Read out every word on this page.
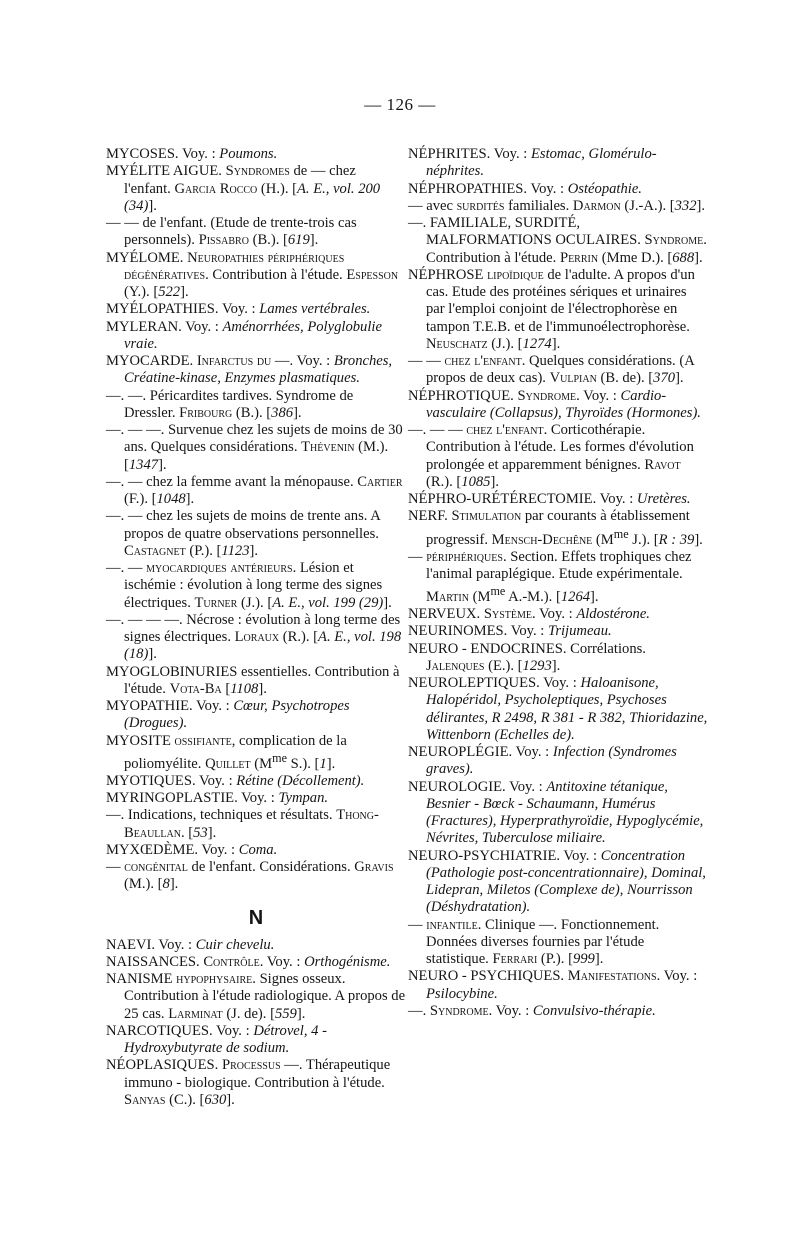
— 126 —
MYCOSES. Voy. : Poumons.
MYÉLITE AIGUE. Syndromes de — chez l'enfant. Garcia Rocco (H.). [A. E., vol. 200 (34)].
— — de l'enfant. (Etude de trente-trois cas personnels). Pissabro (B.). [619].
MYÉLOME. Neuropathies périphériques dégénératives. Contribution à l'étude. Espesson (Y.). [522].
MYÉLOPATHIES. Voy. : Lames vertébrales.
MYLERAN. Voy. : Aménorrhées, Polyglobulie vraie.
MYOCARDE. Infarctus du —. Voy. : Bronches, Créatine-kinase, Enzymes plasmatiques.
—. —. Péricardites tardives. Syndrome de Dressler. Fribourg (B.). [386].
—. — —. Survenue chez les sujets de moins de 30 ans. Quelques considérations. Thévenin (M.). [1347].
—. — chez la femme avant la ménopause. Cartier (F.). [1048].
—. — chez les sujets de moins de trente ans. A propos de quatre observations personnelles. Castagnet (P.). [1123].
—. — myocardiques antérieurs. Lésion et ischémie : évolution à long terme des signes électriques. Turner (J.). [A. E., vol. 199 (29)].
—. — — —. Nécrose : évolution à long terme des signes électriques. Loraux (R.). [A. E., vol. 198 (18)].
MYOGLOBINURIES essentielles. Contribution à l'étude. Vota-Ba [1108].
MYOPATHIE. Voy. : Cœur, Psychotropes (Drogues).
MYOSITE ossifiante, complication de la poliomyélite. Quillet ($M^{me}$ S.). [1].
MYOTIQUES. Voy. : Rétine (Décollement).
MYRINGOPLASTIE. Voy. : Tympan.
—. Indications, techniques et résultats. Thong-Beaullan. [53].
MYXŒDÈME. Voy. : Coma.
— congénital de l'enfant. Considérations. Gravis (M.). [8].
N
NAEVI. Voy. : Cuir chevelu.
NAISSANCES. Contrôle. Voy. : Orthogénisme.
NANISME hypophysaire. Signes osseux. Contribution à l'étude radiologique. A propos de 25 cas. Larminat (J. de). [559].
NARCOTIQUES. Voy. : Détrovel, 4 - Hydroxybutyrate de sodium.
NÉOPLASIQUES. Processus —. Thérapeutique immuno - biologique. Contribution à l'étude. Sanyas (C.). [630].
NÉPHRITES. Voy. : Estomac, Glomérulo-néphrites.
NÉPHROPATHIES. Voy. : Ostéopathie.
— avec surdités familiales. Darmon (J.-A.). [332].
—. FAMILIALE, SURDITÉ, MALFORMATIONS OCULAIRES. Syndrome. Contribution à l'étude. Perrin (Mme D.). [688].
NÉPHROSE lipoïdique de l'adulte. A propos d'un cas. Etude des protéines sériques et urinaires par l'emploi conjoint de l'électrophorèse en tampon T.E.B. et de l'immunoélectrophorèse. Neuschatz (J.). [1274].
— — chez l'enfant. Quelques considérations. (A propos de deux cas). Vulpian (B. de). [370].
NÉPHROTIQUE. Syndrome. Voy. : Cardio-vasculaire (Collapsus), Thyroïdes (Hormones).
—. — — chez l'enfant. Corticothérapie. Contribution à l'étude. Les formes d'évolution prolongée et apparemment bénignes. Ravot (R.). [1085].
NÉPHRO-URÉTÉRECTOMIE. Voy. : Uretères.
NERF. Stimulation par courants à établissement progressif. Mensch-Dechêne ($M^{me}$ J.). [R : 39].
— périphériques. Section. Effets trophiques chez l'animal paraplégique. Etude expérimentale. Martin ($M^{me}$ A.-M.). [1264].
NERVEUX. Système. Voy. : Aldostérone.
NEURINOMES. Voy. : Trijumeau.
NEURO - ENDOCRINES. Corrélations. Jalenques (E.). [1293].
NEUROLEPTIQUES. Voy. : Haloanisone, Halopéridol, Psycholeptiques, Psychoses délirantes, R 2498, R 381 - R 382, Thioridazine, Wittenborn (Echelles de).
NEUROPLÉGIE. Voy. : Infection (Syndromes graves).
NEUROLOGIE. Voy. : Antitoxine tétanique, Besnier - Bœck - Schaumann, Humérus (Fractures), Hyperprathyroïdie, Hypoglycémie, Névrites, Tuberculose miliaire.
NEURO-PSYCHIATRIE. Voy. : Concentration (Pathologie post-concentrationnaire), Dominal, Lidepran, Miletos (Complexe de), Nourrisson (Déshydratation).
— infantile. Clinique —. Fonctionnement. Données diverses fournies par l'étude statistique. Ferrari (P.). [999].
NEURO - PSYCHIQUES. Manifestations. Voy. : Psilocybine.
—. Syndrome. Voy. : Convulsivo-thérapie.
